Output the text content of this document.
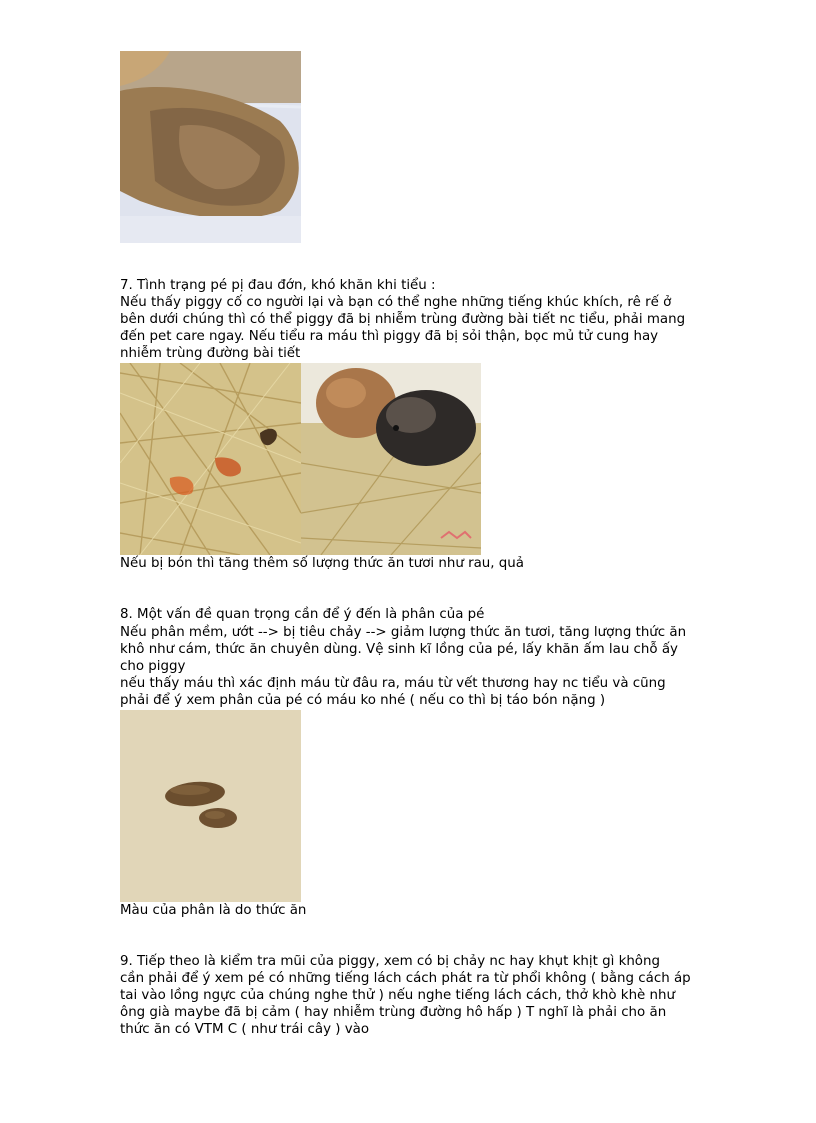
7. Tình trạng pé pị đau đớn, khó khăn khi tiểu :
Nếu thấy piggy cố co người lại và bạn có thể nghe những tiếng khúc khích, rê rế ở
bên dưới chúng thì có thể piggy đã bị nhiễm trùng đường bài tiết nc tiểu, phải mang
đến pet care ngay. Nếu tiểu ra máu thì piggy đã bị sỏi thận, bọc mủ tử cung hay
nhiễm trùng đường bài tiết
Nếu bị bón thì tăng thêm số lượng thức ăn tươi như rau, quả
8. Một vấn đề quan trọng cần để ý đến là phân của pé
Nếu phân mềm, ướt --> bị tiêu chảy --> giảm lượng thức ăn tươi, tăng lượng thức ăn
khô như cám, thức ăn chuyên dùng. Vệ sinh kĩ lồng của pé, lấy khăn ấm lau chỗ ấy
cho piggy
nếu thấy máu thì xác định máu từ đâu ra, máu từ vết thương hay nc tiểu và cũng
phải để ý xem phân của pé có máu ko nhé ( nếu co thì bị táo bón nặng )
Màu của phân là do thức ăn
9. Tiếp theo là kiểm tra mũi của piggy, xem có bị chảy nc hay khụt khịt gì không
cần phải để ý xem pé có những tiếng lách cách phát ra từ phổi không ( bằng cách áp
tai vào lồng ngực của chúng nghe thử ) nếu nghe tiếng lách cách, thở khò khè như
ông già maybe đã bị cảm ( hay nhiễm trùng đường hô hấp ) T nghĩ là phải cho ăn
thức ăn có VTM C ( như trái cây ) vào
